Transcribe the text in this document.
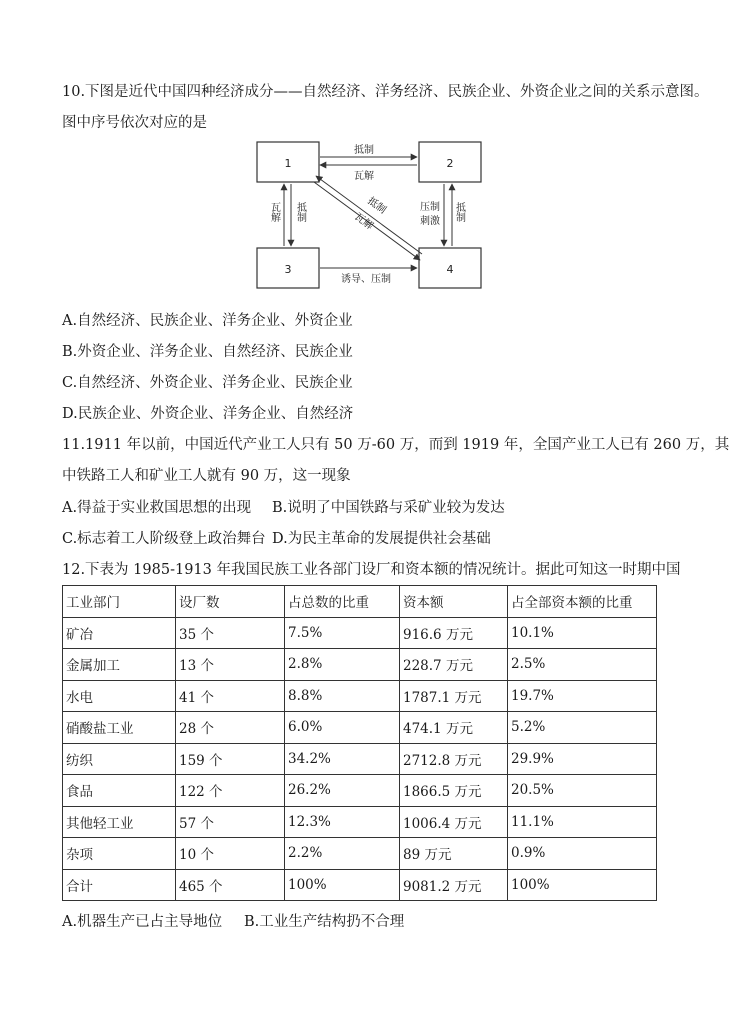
10.下图是近代中国四种经济成分——自然经济、洋务经济、民族企业、外资企业之间的关系示意图。
图中序号依次对应的是
1	2
3	4
抵制
瓦解
瓦解 抵制	瓦解
抵制	压制
刺激 抵制
诱导、压制
A.自然经济、民族企业、洋务企业、外资企业
B.外资企业、洋务企业、自然经济、民族企业
C.自然经济、外资企业、洋务企业、民族企业
D.民族企业、外资企业、洋务企业、自然经济
11.1911 年以前，中国近代产业工人只有 50 万-60 万，而到 1919 年，全国产业工人已有 260 万，其
中铁路工人和矿业工人就有 90 万，这一现象
A.得益于实业救国思想的出现 B.说明了中国铁路与采矿业较为发达
C.标志着工人阶级登上政治舞台 D.为民主革命的发展提供社会基础
12.下表为 1985-1913 年我国民族工业各部门设厂和资本额的情况统计。据此可知这一时期中国
工业部门	设厂数	占总数的比重	资本额	占全部资本额的比重
矿冶	35 个	7.5%	916.6 万元	10.1%
金属加工	13 个	2.8%	228.7 万元	2.5%
水电	41 个	8.8%	1787.1 万元	19.7%
硝酸盐工业	28 个	6.0%	474.1 万元	5.2%
纺织	159 个	34.2%	2712.8 万元	29.9%
食品	122 个	26.2%	1866.5 万元	20.5%
其他轻工业	57 个	12.3%	1006.4 万元	11.1%
杂项	10 个	2.2%	89 万元	0.9%
合计	465 个	100%	9081.2 万元	100%
A.机器生产已占主导地位 B.工业生产结构扔不合理
